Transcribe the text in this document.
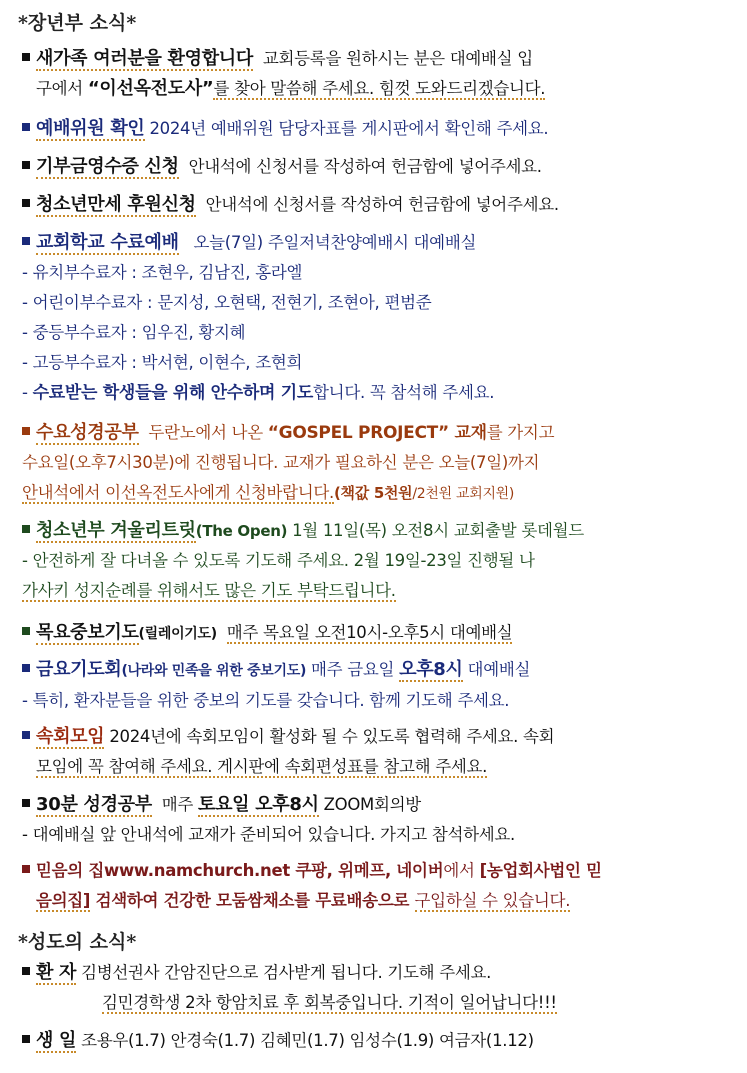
*장년부 소식*
새가족 여러분을 환영합니다 교회등록을 원하시는 분은 대예배실 입
구에서 “이선옥전도사”를 찾아 말씀해 주세요. 힘껏 도와드리겠습니다.
예배위원 확인 2024년 예배위원 담당자표를 게시판에서 확인해 주세요.
기부금영수증 신청 안내석에 신청서를 작성하여 헌금함에 넣어주세요.
청소년만세 후원신청 안내석에 신청서를 작성하여 헌금함에 넣어주세요.
교회학교 수료예배 오늘(7일) 주일저녁찬양예배시 대예배실
- 유치부수료자 : 조현우, 김남진, 홍라엘
- 어린이부수료자 : 문지성, 오현택, 전현기, 조현아, 편범준
- 중등부수료자 : 임우진, 황지혜
- 고등부수료자 : 박서현, 이현수, 조현희
- 수료받는 학생들을 위해 안수하며 기도합니다. 꼭 참석해 주세요.
수요성경공부 두란노에서 나온 “GOSPEL PROJECT” 교재를 가지고
수요일(오후7시30분)에 진행됩니다. 교재가 필요하신 분은 오늘(7일)까지
안내석에서 이선옥전도사에게 신청바랍니다.(책값 5천원/2천원 교회지원)
청소년부 겨울리트릿(The Open) 1월 11일(목) 오전8시 교회출발 롯데월드
- 안전하게 잘 다녀올 수 있도록 기도해 주세요. 2월 19일-23일 진행될 나
가사키 성지순례를 위해서도 많은 기도 부탁드립니다.
목요중보기도(릴레이기도) 매주 목요일 오전10시-오후5시 대예배실
금요기도회(나라와 민족을 위한 중보기도) 매주 금요일 오후8시 대예배실
- 특히, 환자분들을 위한 중보의 기도를 갖습니다. 함께 기도해 주세요.
속회모임 2024년에 속회모임이 활성화 될 수 있도록 협력해 주세요. 속회
모임에 꼭 참여해 주세요. 게시판에 속회편성표를 참고해 주세요.
30분 성경공부 매주 토요일 오후8시 ZOOM회의방
- 대예배실 앞 안내석에 교재가 준비되어 있습니다. 가지고 참석하세요.
믿음의 집www.namchurch.net 쿠팡, 위메프, 네이버에서 [농업회사법인 믿
음의집] 검색하여 건강한 모둠쌈채소를 무료배송으로 구입하실 수 있습니다.
*성도의 소식*
환 자 김병선권사 간암진단으로 검사받게 됩니다. 기도해 주세요.
김민경학생 2차 항암치료 후 회복중입니다. 기적이 일어납니다!!!
생 일 조용우(1.7) 안경숙(1.7) 김혜민(1.7) 임성수(1.9) 여금자(1.12)
